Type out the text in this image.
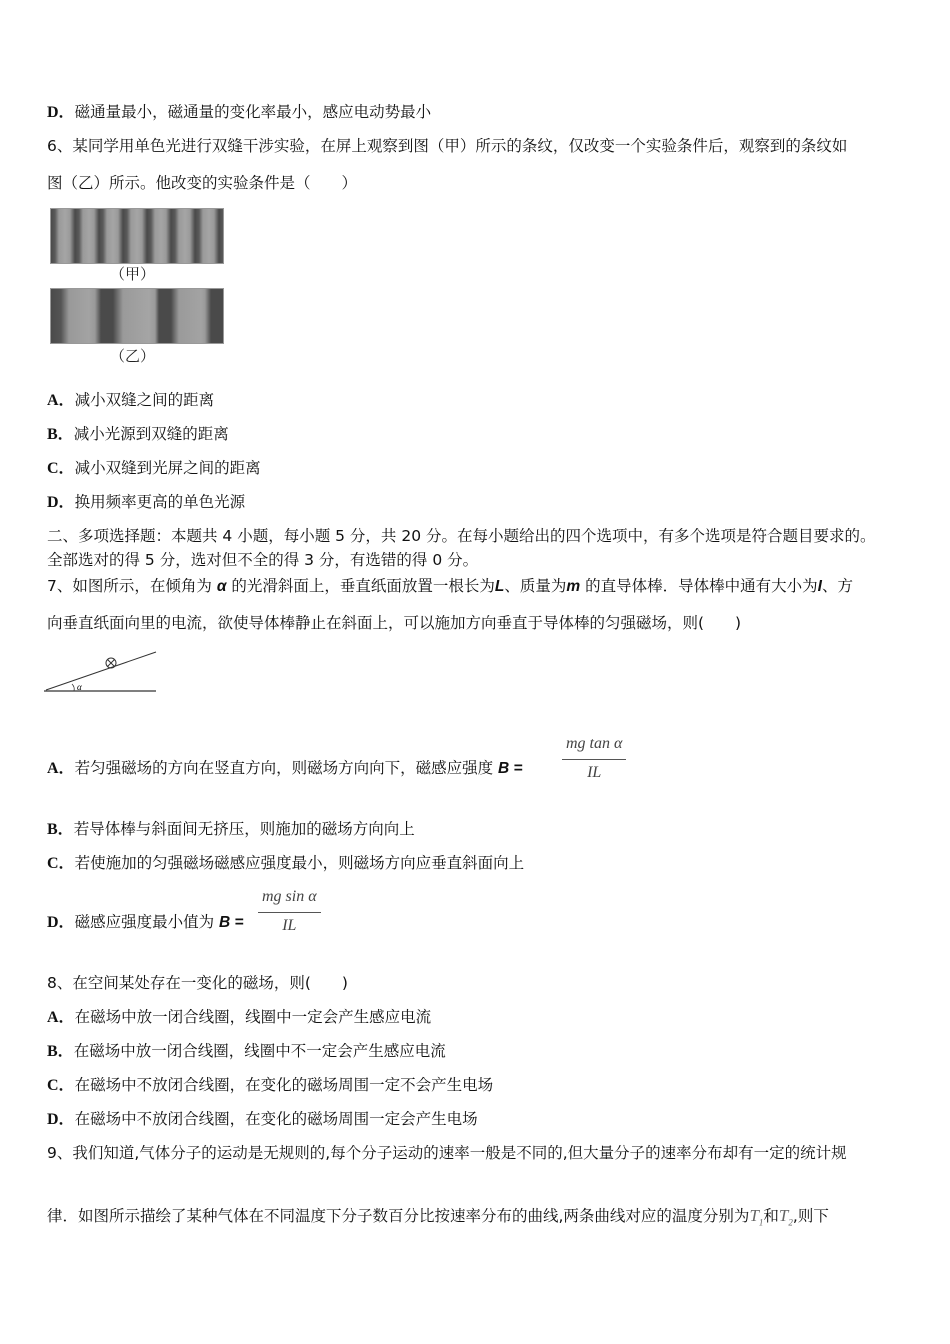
D．磁通量最小，磁通量的变化率最小，感应电动势最小
6、某同学用单色光进行双缝干涉实验，在屏上观察到图（甲）所示的条纹，仅改变一个实验条件后，观察到的条纹如
图（乙）所示。他改变的实验条件是（　　）
（甲）
（乙）
A．减小双缝之间的距离
B．减小光源到双缝的距离
C．减小双缝到光屏之间的距离
D．换用频率更高的单色光源
二、多项选择题：本题共 4 小题，每小题 5 分，共 20 分。在每小题给出的四个选项中，有多个选项是符合题目要求的。
全部选对的得 5 分，选对但不全的得 3 分，有选错的得 0 分。
7、如图所示，在倾角为 α 的光滑斜面上，垂直纸面放置一根长为L、质量为m 的直导体棒．导体棒中通有大小为I、方
向垂直纸面向里的电流，欲使导体棒静止在斜面上，可以施加方向垂直于导体棒的匀强磁场，则(　　)
α
A．若匀强磁场的方向在竖直方向，则磁场方向向下，磁感应强度 $B = \frac{\text{mg tan α}}{IL}$
B．若导体棒与斜面间无挤压，则施加的磁场方向向上
C．若使施加的匀强磁场磁感应强度最小，则磁场方向应垂直斜面向上
D．磁感应强度最小值为 $B = \frac{\text{mg sin α}}{IL}$
8、在空间某处存在一变化的磁场，则(　　)
A．在磁场中放一闭合线圈，线圈中一定会产生感应电流
B．在磁场中放一闭合线圈，线圈中不一定会产生感应电流
C．在磁场中不放闭合线圈，在变化的磁场周围一定不会产生电场
D．在磁场中不放闭合线圈，在变化的磁场周围一定会产生电场
9、我们知道,气体分子的运动是无规则的,每个分子运动的速率一般是不同的,但大量分子的速率分布却有一定的统计规
律．如图所示描绘了某种气体在不同温度下分子数百分比按速率分布的曲线,两条曲线对应的温度分别为$T_1$和$T_2$,则下
